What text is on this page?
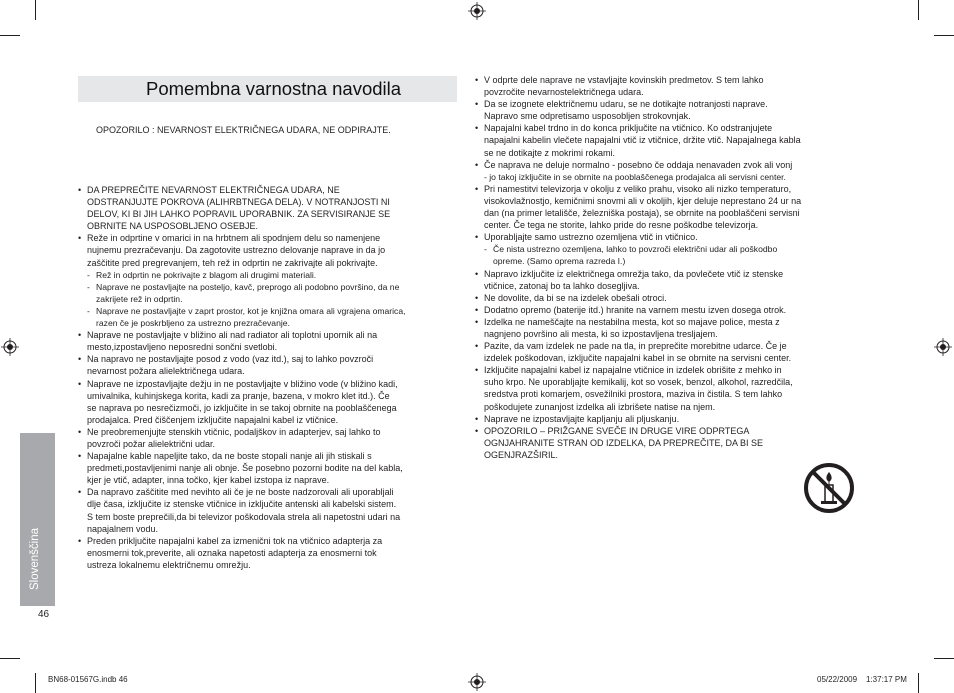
Pomembna varnostna navodila
OPOZORILO : NEVARNOST ELEKTRIČNEGA UDARA, NE ODPIRAJTE.

• DA PREPREČITE NEVARNOST ELEKTRIČNEGA UDARA, NE

ODSTRANJUJTE POKROVA (ALIHRBTNEGA DELA). V NOTRANJOSTI NI

DELOV, KI BI JIH LAHKO POPRAVIL UPORABNIK. ZA SERVISIRANJE SE

OBRNITE NA USPOSOBLJENO OSEBJE.

• Reže in odprtine v omarici in na hrbtnem ali spodnjem delu so namenjene

nujnemu prezračevanju. Da zagotovite ustrezno delovanje naprave in da jo

zaščitite pred pregrevanjem, teh rež in odprtin ne zakrivajte ali pokrivajte.

- Rež in odprtin ne pokrivajte z blagom ali drugimi materiali.

- Naprave ne postavljajte na posteljo, kavč, preprogo ali podobno površino, da ne

zakrijete rež in odprtin.

- Naprave ne postavljajte v zaprt prostor, kot je knjižna omara ali vgrajena omarica,

razen če je poskrbljeno za ustrezno prezračevanje.

• Naprave ne postavljajte v bližino ali nad radiator ali toplotni upornik ali na

mesto,izpostavljeno neposredni sončni svetlobi.

• Na napravo ne postavljajte posod z vodo (vaz itd.), saj to lahko povzroči

nevarnost požara alielektričnega udara.

• Naprave ne izpostavljajte dežju in ne postavljajte v bližino vode (v bližino kadi,

umivalnika, kuhinjskega korita, kadi za pranje, bazena, v mokro klet itd.). Če

se naprava po nesrečizmoči, jo izključite in se takoj obrnite na pooblaščenega

prodajalca. Pred čiščenjem izključite napajalni kabel iz vtičnice.

• Ne preobremenjujte stenskih vtičnic, podaljškov in adapterjev, saj lahko to

povzroči požar alielektrični udar.

• Napajalne kable napeljite tako, da ne boste stopali nanje ali jih stiskali s

predmeti,postavljenimi nanje ali obnje. Še posebno pozorni bodite na del kabla,

kjer je vtič, adapter, inna točko, kjer kabel izstopa iz naprave.

• Da napravo zaščitite med nevihto ali če je ne boste nadzorovali ali uporabljali

dlje časa, izključite iz stenske vtičnice in izključite antenski ali kabelski sistem.

S tem boste preprečili,da bi televizor poškodovala strela ali napetostni udari na

napajalnem vodu.

• Preden priključite napajalni kabel za izmenični tok na vtičnico adapterja za

enosmerni tok,preverite, ali oznaka napetosti adapterja za enosmerni tok

ustreza lokalnemu električnemu omrežju.

• V odprte dele naprave ne vstavljajte kovinskih predmetov. S tem lahko

povzročite nevarnostelektričnega udara.

• Da se izognete električnemu udaru, se ne dotikajte notranjosti naprave.

Napravo sme odpretisamo usposobljen strokovnjak.

• Napajalni kabel trdno in do konca priključite na vtičnico. Ko odstranjujete

napajalni kabelin vlečete napajalni vtič iz vtičnice, držite vtič. Napajalnega kabla

se ne dotikajte z mokrimi rokami.

• Če naprava ne deluje normalno - posebno če oddaja nenavaden zvok ali vonj

- jo takoj izključite in se obrnite na pooblaščenega prodajalca ali servisni center.

• Pri namestitvi televizorja v okolju z veliko prahu, visoko ali nizko temperaturo,

visokovlažnostjo, kemičnimi snovmi ali v okoljih, kjer deluje neprestano 24 ur na

dan (na primer letališče, železniška postaja), se obrnite na pooblaščeni servisni

center. Če tega ne storite, lahko pride do resne poškodbe televizorja.

• Uporabljajte samo ustrezno ozemljena vtič in vtičnico.

- Če nista ustrezno ozemljena, lahko to povzroči električni udar ali poškodbo

opreme. (Samo oprema razreda I.)

• Napravo izključite iz električnega omrežja tako, da povlečete vtič iz stenske

vtičnice, zatonaj bo ta lahko dosegljiva.

• Ne dovolite, da bi se na izdelek obešali otroci.

• Dodatno opremo (baterije itd.) hranite na varnem mestu izven dosega otrok.

• Izdelka ne nameščajte na nestabilna mesta, kot so majave police, mesta z

nagnjeno površino ali mesta, ki so izpostavljena tresljajem.

• Pazite, da vam izdelek ne pade na tla, in preprečite morebitne udarce. Če je

izdelek poškodovan, izključite napajalni kabel in se obrnite na servisni center.

• Izključite napajalni kabel iz napajalne vtičnice in izdelek obrišite z mehko in

suho krpo. Ne uporabljajte kemikalij, kot so vosek, benzol, alkohol, razredčila,

sredstva proti komarjem, osvežilniki prostora, maziva in čistila. S tem lahko

poškodujete zunanjost izdelka ali izbrišete natise na njem.

• Naprave ne izpostavljajte kapljanju ali pljuskanju.

• OPOZORILO – PRIŽGANE SVEČE IN DRUGE VIRE ODPRTEGA

OGNJAHRANITE STRAN OD IZDELKA, DA PREPREČITE, DA BI SE

OGENJRAZŠIRIL.

Slovenščina
46
BN68-01567G.indb 46	05/22/2009 1:37:17 PM
